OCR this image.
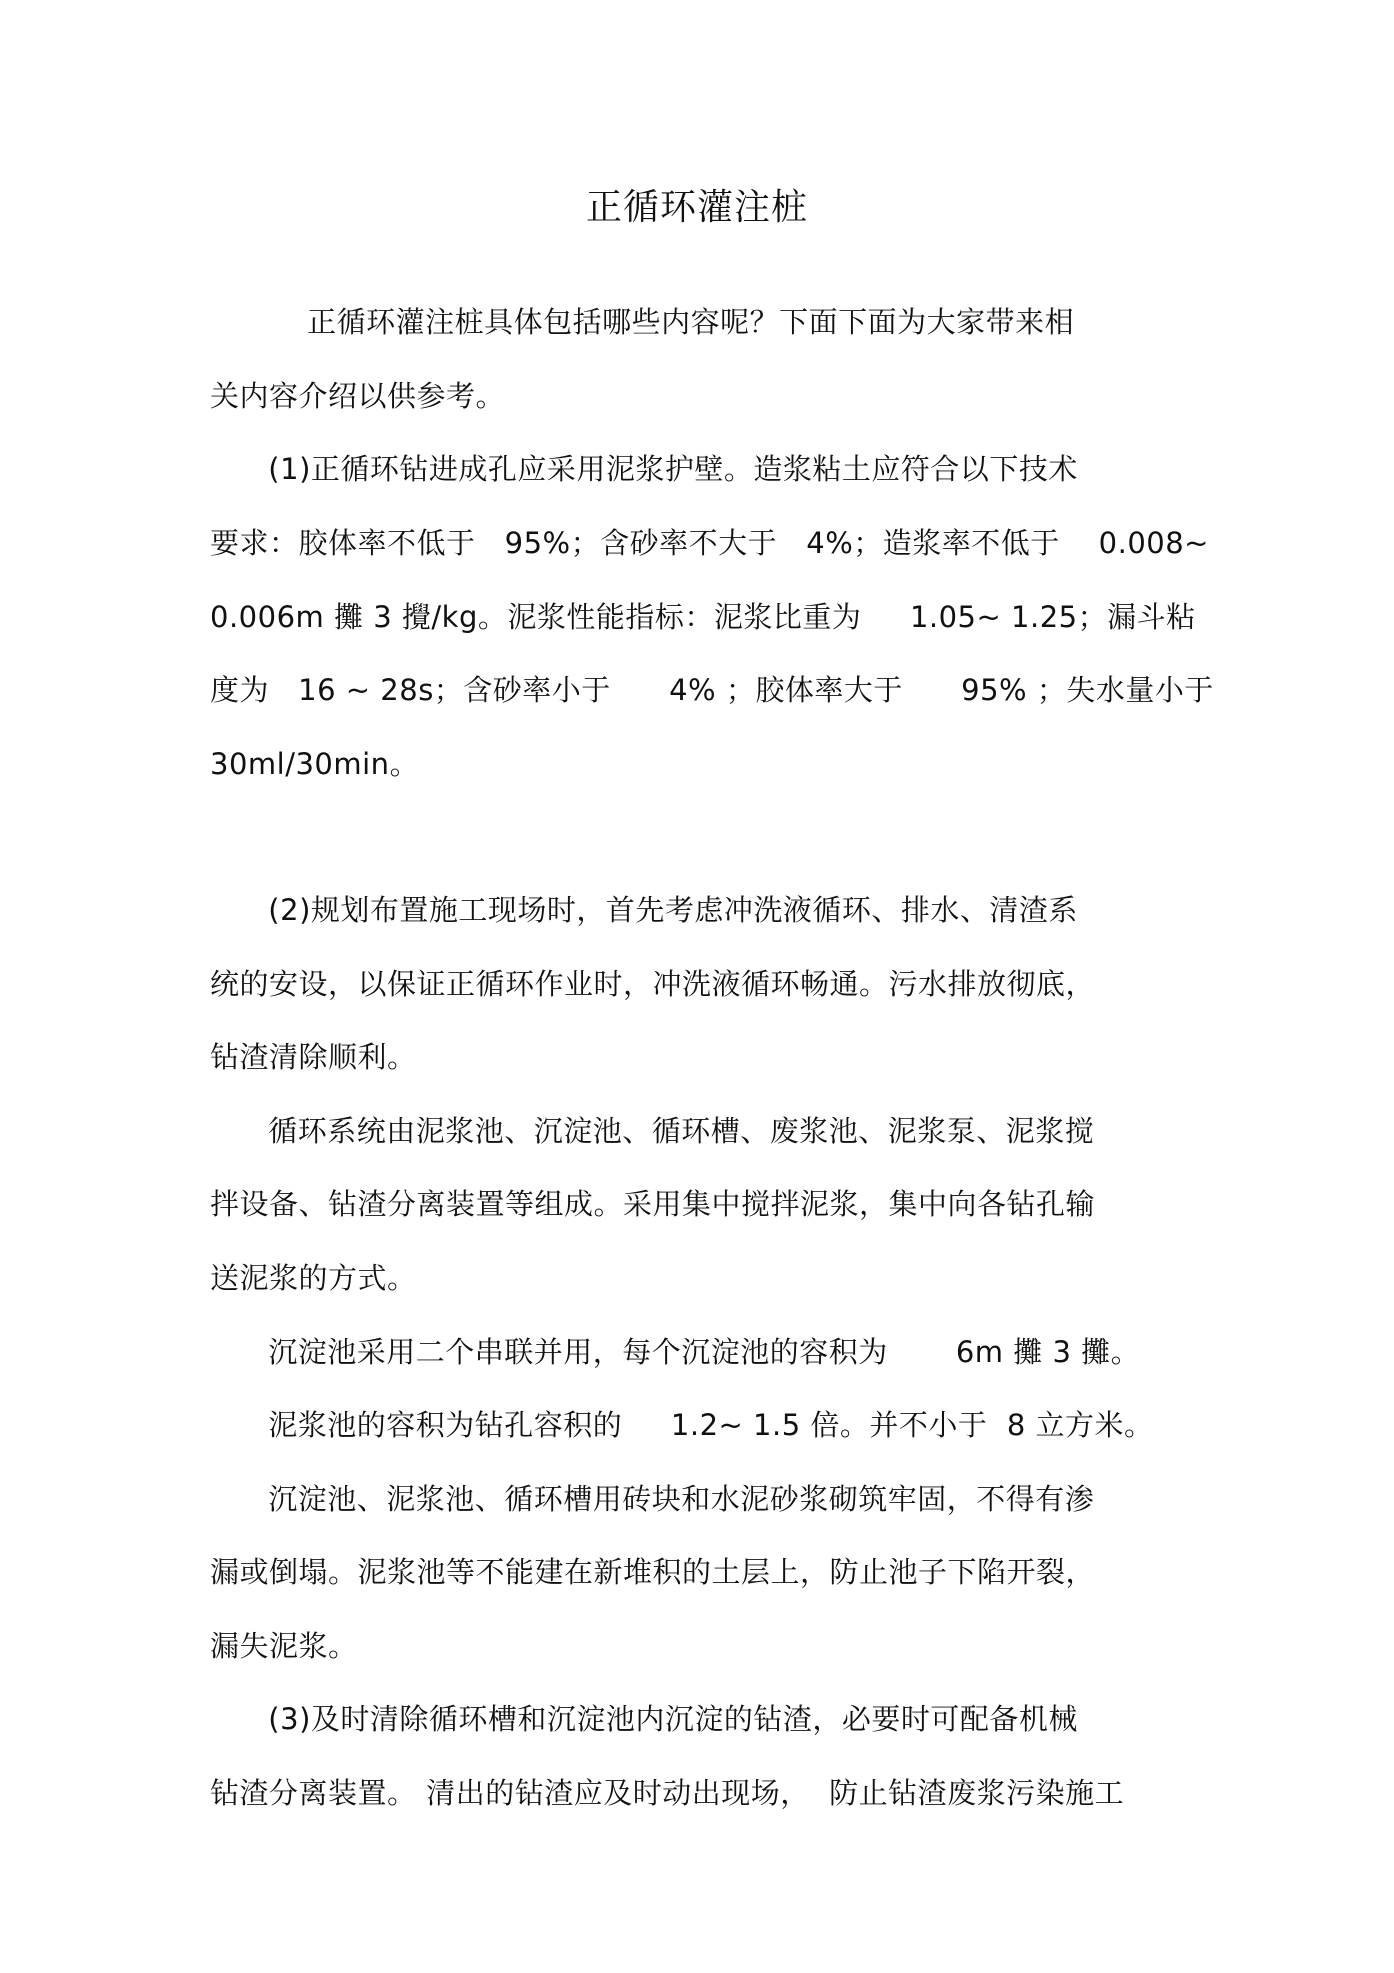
正循环灌注桩
正循环灌注桩具体包括哪些内容呢？下面下面为大家带来相
关内容介绍以供参考。
(1)正循环钻进成孔应采用泥浆护壁。造浆粘土应符合以下技术
要求：胶体率不低于   95%；含砂率不大于   4%；造浆率不低于    0.008~
0.006m 攤 3 攪/kg。泥浆性能指标：泥浆比重为     1.05~ 1.25；漏斗粘
度为   16 ~ 28s；含砂率小于      4% ；胶体率大于      95% ；失水量小于
30ml/30min。
(2)规划布置施工现场时，首先考虑冲洗液循环、排水、清渣系
统的安设，以保证正循环作业时，冲洗液循环畅通。污水排放彻底，
钻渣清除顺利。
循环系统由泥浆池、沉淀池、循环槽、废浆池、泥浆泵、泥浆搅
拌设备、钻渣分离装置等组成。采用集中搅拌泥浆，集中向各钻孔输
送泥浆的方式。
沉淀池采用二个串联并用，每个沉淀池的容积为       6m 攤 3 攤。
泥浆池的容积为钻孔容积的     1.2~ 1.5 倍。并不小于  8 立方米。
沉淀池、泥浆池、循环槽用砖块和水泥砂浆砌筑牢固，不得有渗
漏或倒塌。泥浆池等不能建在新堆积的土层上，防止池子下陷开裂，
漏失泥浆。
(3)及时清除循环槽和沉淀池内沉淀的钻渣，必要时可配备机械
钻渣分离装置。 清出的钻渣应及时动出现场，  防止钻渣废浆污染施工
